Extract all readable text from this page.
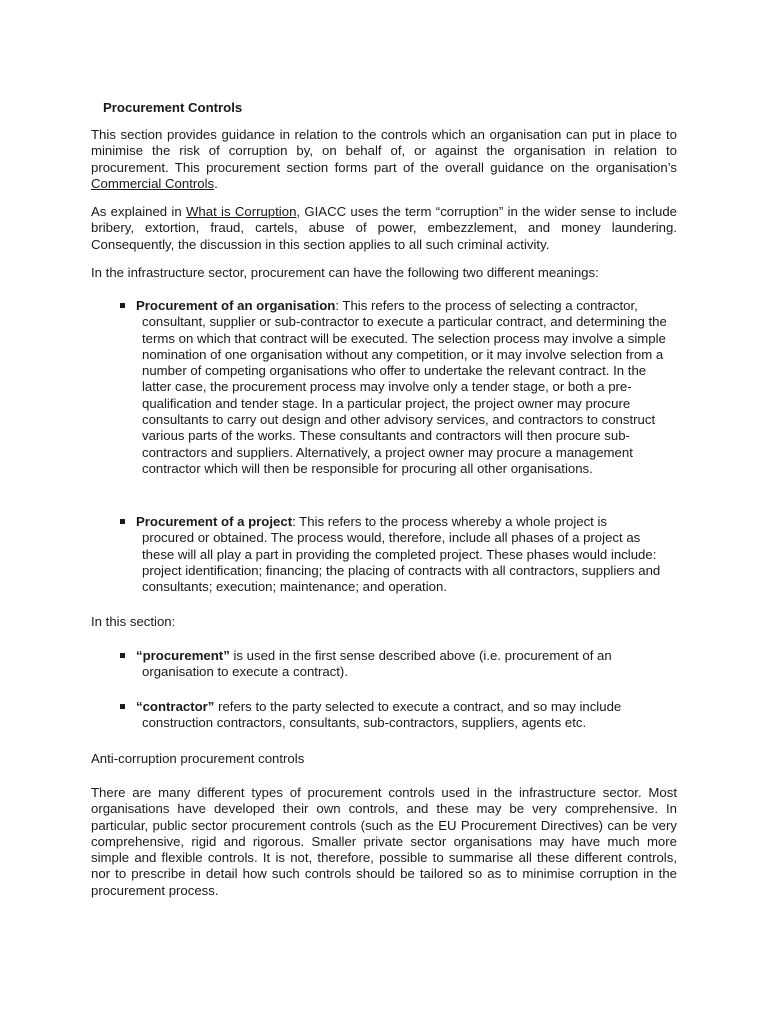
Procurement Controls

This section provides guidance in relation to the controls which an organisation can put in place to minimise the risk of corruption by, on behalf of, or against the organisation in relation to procurement. This procurement section forms part of the overall guidance on the organisation’s Commercial Controls.

As explained in What is Corruption, GIACC uses the term “corruption” in the wider sense to include bribery, extortion, fraud, cartels, abuse of power, embezzlement, and money laundering. Consequently, the discussion in this section applies to all such criminal activity.

In the infrastructure sector, procurement can have the following two different meanings:

Procurement of an organisation: This refers to the process of selecting a contractor,
consultant, supplier or sub-contractor to execute a particular contract, and determining the terms on which that contract will be executed. The selection process may involve a simple nomination of one organisation without any competition, or it may involve selection from a number of competing organisations who offer to undertake the relevant contract. In the latter case, the procurement process may involve only a tender stage, or both a pre-qualification and tender stage. In a particular project, the project owner may procure consultants to carry out design and other advisory services, and contractors to construct various parts of the works. These consultants and contractors will then procure sub-contractors and suppliers. Alternatively, a project owner may procure a management contractor which will then be responsible for procuring all other organisations.

Procurement of a project: This refers to the process whereby a whole project is
procured or obtained. The process would, therefore, include all phases of a project as these will all play a part in providing the completed project. These phases would include: project identification; financing; the placing of contracts with all contractors, suppliers and consultants; execution; maintenance; and operation.

In this section:

“procurement” is used in the first sense described above (i.e. procurement of an
organisation to execute a contract).

“contractor” refers to the party selected to execute a contract, and so may include
construction contractors, consultants, sub-contractors, suppliers, agents etc.

Anti-corruption procurement controls

There are many different types of procurement controls used in the infrastructure sector. Most organisations have developed their own controls, and these may be very comprehensive. In particular, public sector procurement controls (such as the EU Procurement Directives) can be very comprehensive, rigid and rigorous. Smaller private sector organisations may have much more simple and flexible controls. It is not, therefore, possible to summarise all these different controls, nor to prescribe in detail how such controls should be tailored so as to minimise corruption in the procurement process.
